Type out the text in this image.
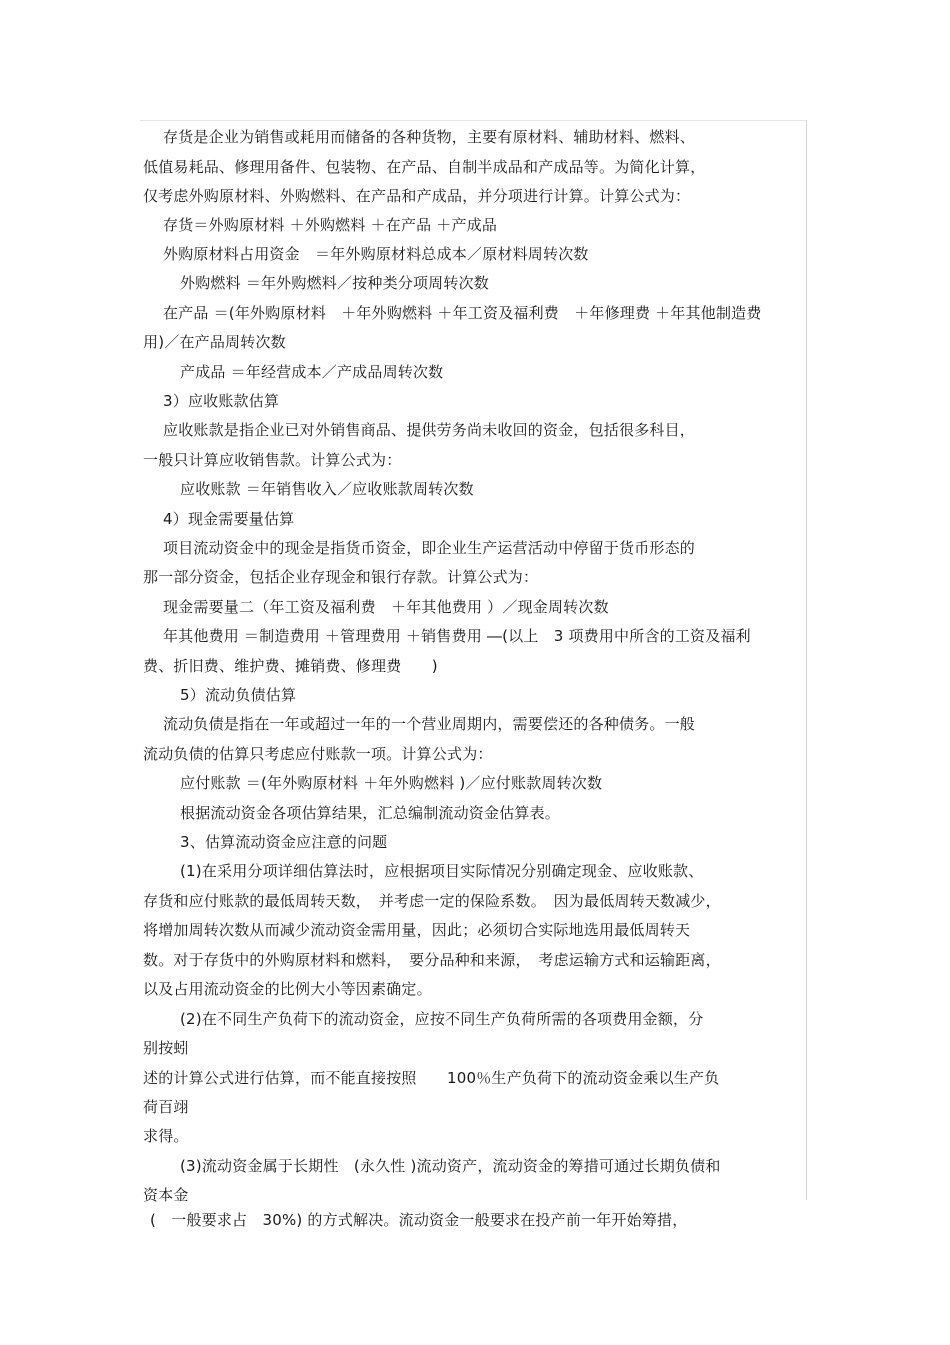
存货是企业为销售或耗用而储备的各种货物，主要有原材料、辅助材料、燃料、
低值易耗品、修理用备件、包装物、在产品、自制半成品和产成品等。为简化计算，
仅考虑外购原材料、外购燃料、在产品和产成品，并分项进行计算。计算公式为：
存货＝外购原材料 ＋外购燃料 ＋在产品 ＋产成品
外购原材料占用资金　＝年外购原材料总成本／原材料周转次数
外购燃料 ＝年外购燃料／按种类分项周转次数
在产品 ＝(年外购原材料　＋年外购燃料 ＋年工资及福利费　＋年修理费 ＋年其他制造费
用)／在产品周转次数
产成品 ＝年经营成本／产成品周转次数
3）应收账款估算
应收账款是指企业已对外销售商品、提供劳务尚未收回的资金，包括很多科目，
一般只计算应收销售款。计算公式为：
应收账款 ＝年销售收入／应收账款周转次数
4）现金需要量估算
项目流动资金中的现金是指货币资金，即企业生产运营活动中停留于货币形态的
那一部分资金，包括企业存现金和银行存款。计算公式为：
现金需要量二（年工资及福利费　＋年其他费用 ）／现金周转次数
年其他费用 ＝制造费用 ＋管理费用 ＋销售费用 ―(以上　3 项费用中所含的工资及福利
费、折旧费、维护费、摊销费、修理费　　)
5）流动负债估算
流动负债是指在一年或超过一年的一个营业周期内，需要偿还的各种债务。一般
流动负债的估算只考虑应付账款一项。计算公式为：
应付账款 ＝(年外购原材料 ＋年外购燃料 )／应付账款周转次数
根据流动资金各项估算结果，汇总编制流动资金估算表。
3、估算流动资金应注意的问题
(1)在采用分项详细估算法时，应根据项目实际情况分别确定现金、应收账款、
存货和应付账款的最低周转天数，　并考虑一定的保险系数。　因为最低周转天数减少，
将增加周转次数从而减少流动资金需用量，因此；必须切合实际地选用最低周转天
数。对于存货中的外购原材料和燃料，　要分品种和来源，　考虑运输方式和运输距离，
以及占用流动资金的比例大小等因素确定。
(2)在不同生产负荷下的流动资金，应按不同生产负荷所需的各项费用金额，分
别按蚓
述的计算公式进行估算，而不能直接按照　　100％生产负荷下的流动资金乘以生产负
荷百翊
求得。
(3)流动资金属于长期性　(永久性 )流动资产，流动资金的筹措可通过长期负债和
资本金
(　一般要求占　30%) 的方式解决。流动资金一般要求在投产前一年开始筹措，
